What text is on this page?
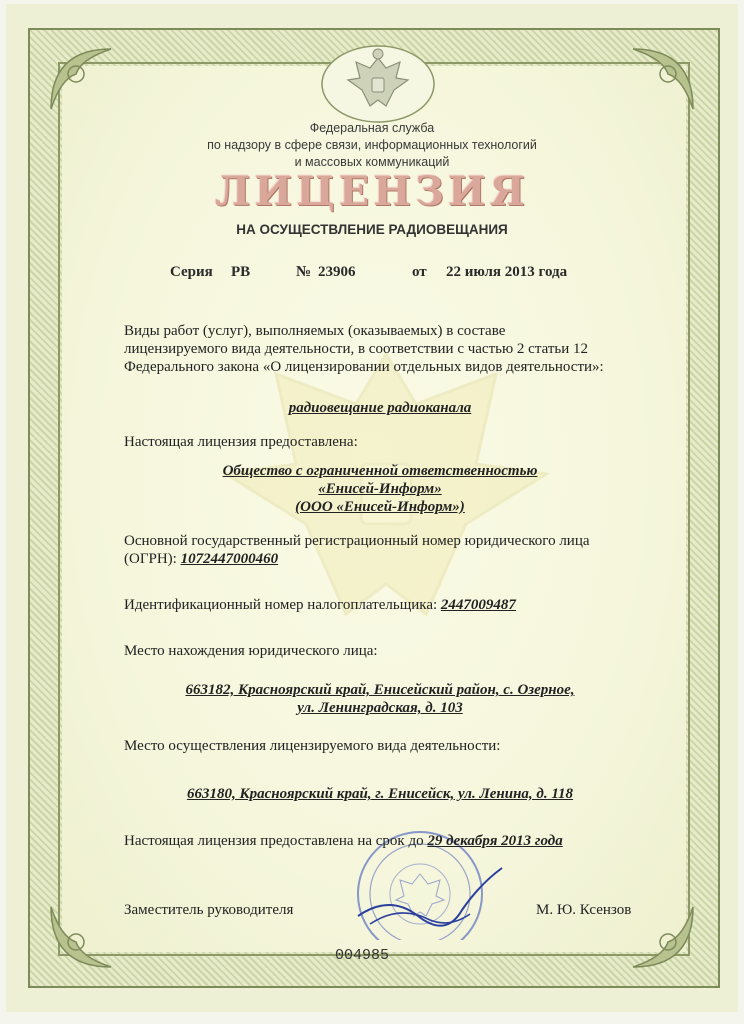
Федеральная служба
по надзору в сфере связи, информационных технологий
и массовых коммуникаций
ЛИЦЕНЗИЯ
НА ОСУЩЕСТВЛЕНИЕ РАДИОВЕЩАНИЯ
Серия РВ	№ 23906	от 22 июля 2013 года
Виды работ (услуг), выполняемых (оказываемых) в составе
лицензируемого вида деятельности, в соответствии с частью 2 статьи 12
Федерального закона «О лицензировании отдельных видов деятельности»:
радиовещание радиоканала
Настоящая лицензия предоставлена:
Общество с ограниченной ответственностью
«Енисей-Информ»
(ООО «Енисей-Информ»)
Основной государственный регистрационный номер юридического лица
(ОГРН): 1072447000460
Идентификационный номер налогоплательщика: 2447009487
Место нахождения юридического лица:
663182, Красноярский край, Енисейский район, с. Озерное,
ул. Ленинградская, д. 103
Место осуществления лицензируемого вида деятельности:
663180, Красноярский край, г. Енисейск, ул. Ленина, д. 118
Настоящая лицензия предоставлена на срок до 29 декабря 2013 года
Заместитель руководителя	М. Ю. Ксензов
004985
